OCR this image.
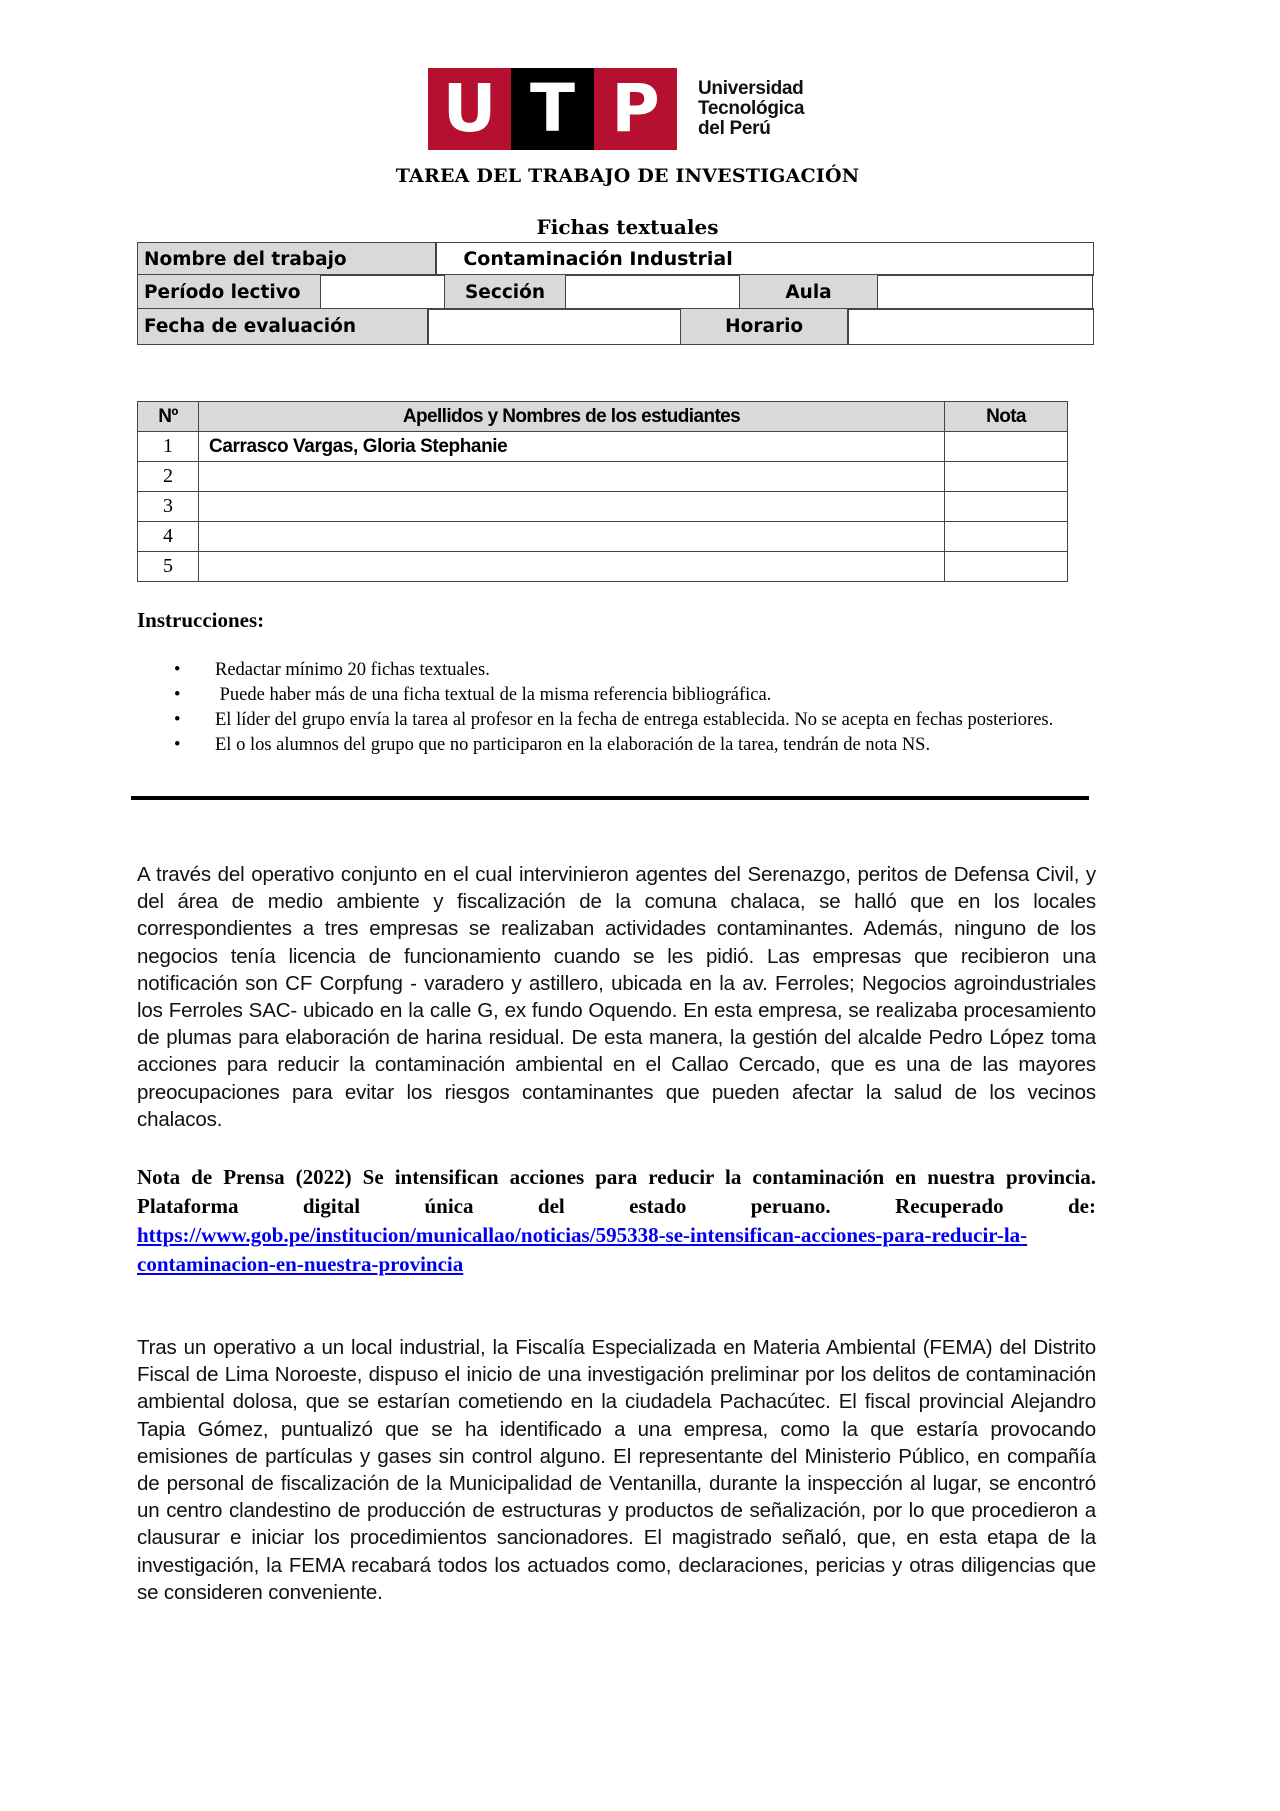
U T P	Universidad
Tecnológica
del Perú
TAREA DEL TRABAJO DE INVESTIGACIÓN
Fichas textuales
Nombre del trabajo	Contaminación Industrial
Período lectivo	Sección	Aula
Fecha de evaluación	Horario
Nº	Apellidos y Nombres de los estudiantes	Nota
1	Carrasco Vargas, Gloria Stephanie	
2		
3		
4		
5		
Instrucciones:
• Redactar mínimo 20 fichas textuales.
• Puede haber más de una ficha textual de la misma referencia bibliográfica.
• El líder del grupo envía la tarea al profesor en la fecha de entrega establecida. No se acepta en fechas posteriores.
• El o los alumnos del grupo que no participaron en la elaboración de la tarea, tendrán de nota NS.

A través del operativo conjunto en el cual intervinieron agentes del Serenazgo, peritos de Defensa Civil, y del área de medio ambiente y fiscalización de la comuna chalaca, se halló que en los locales correspondientes a tres empresas se realizaban actividades contaminantes. Además, ninguno de los negocios tenía licencia de funcionamiento cuando se les pidió. Las empresas que recibieron una notificación son CF Corpfung - varadero y astillero, ubicada en la av. Ferroles; Negocios agroindustriales los Ferroles SAC- ubicado en la calle G, ex fundo Oquendo. En esta empresa, se realizaba procesamiento de plumas para elaboración de harina residual. De esta manera, la gestión del alcalde Pedro López toma acciones para reducir la contaminación ambiental en el Callao Cercado, que es una de las mayores preocupaciones para evitar los riesgos contaminantes que pueden afectar la salud de los vecinos chalacos.

Nota de Prensa (2022) Se intensifican acciones para reducir la contaminación en nuestra provincia. Plataforma digital única del estado peruano. Recuperado de: https://www.gob.pe/institucion/municallao/noticias/595338-se-intensifican-acciones-para-reducir-la-contaminacion-en-nuestra-provincia

Tras un operativo a un local industrial, la Fiscalía Especializada en Materia Ambiental (FEMA) del Distrito Fiscal de Lima Noroeste, dispuso el inicio de una investigación preliminar por los delitos de contaminación ambiental dolosa, que se estarían cometiendo en la ciudadela Pachacútec. El fiscal provincial Alejandro Tapia Gómez, puntualizó que se ha identificado a una empresa, como la que estaría provocando emisiones de partículas y gases sin control alguno. El representante del Ministerio Público, en compañía de personal de fiscalización de la Municipalidad de Ventanilla, durante la inspección al lugar, se encontró un centro clandestino de producción de estructuras y productos de señalización, por lo que procedieron a clausurar e iniciar los procedimientos sancionadores. El magistrado señaló, que, en esta etapa de la investigación, la FEMA recabará todos los actuados como, declaraciones, pericias y otras diligencias que se consideren conveniente.
